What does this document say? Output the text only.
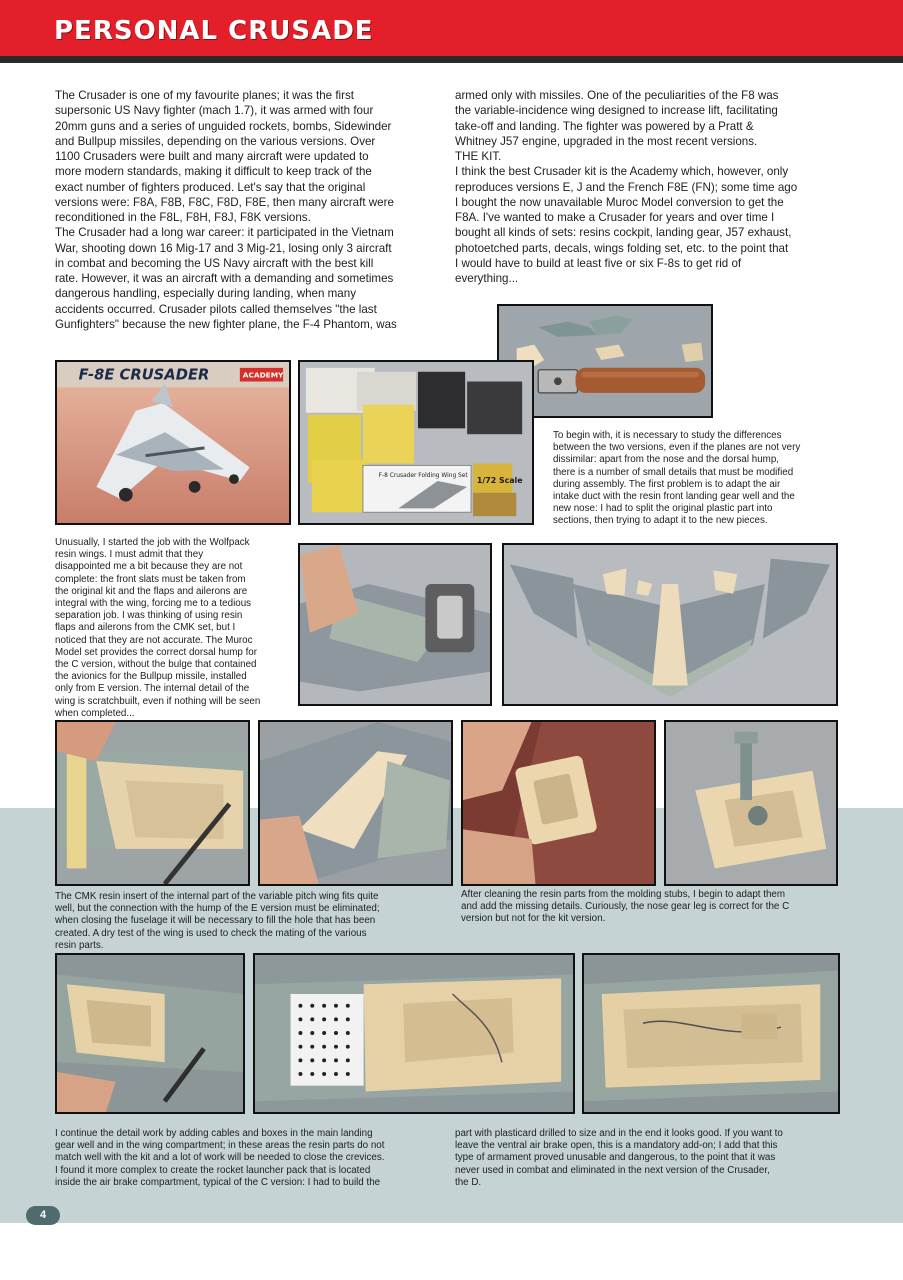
PERSONAL CRUSADE

The Crusader is one of my favourite planes; it was the first
supersonic US Navy fighter (mach 1.7), it was armed with four
20mm guns and a series of unguided rockets, bombs, Sidewinder
and Bullpup missiles, depending on the various versions. Over
1100 Crusaders were built and many aircraft were updated to
more modern standards, making it difficult to keep track of the
exact number of fighters produced. Let's say that the original
versions were: F8A, F8B, F8C, F8D, F8E, then many aircraft were
reconditioned in the F8L, F8H, F8J, F8K versions.
The Crusader had a long war career: it participated in the Vietnam
War, shooting down 16 Mig-17 and 3 Mig-21, losing only 3 aircraft
in combat and becoming the US Navy aircraft with the best kill
rate. However, it was an aircraft with a demanding and sometimes
dangerous handling, especially during landing, when many
accidents occurred. Crusader pilots called themselves "the last
Gunfighters" because the new fighter plane, the F-4 Phantom, was

armed only with missiles. One of the peculiarities of the F8 was
the variable-incidence wing designed to increase lift, facilitating
take-off and landing. The fighter was powered by a Pratt &
Whitney J57 engine, upgraded in the most recent versions.
THE KIT.
I think the best Crusader kit is the Academy which, however, only
reproduces versions E, J and the French F8E (FN); some time ago
I bought the now unavailable Muroc Model conversion to get the
F8A. I've wanted to make a Crusader for years and over time I
bought all kinds of sets: resins cockpit, landing gear, J57 exhaust,
photoetched parts, decals, wings folding set, etc. to the point that
I would have to build at least five or six F-8s to get rid of
everything...

To begin with, it is necessary to study the differences
between the two versions, even if the planes are not very
dissimilar: apart from the nose and the dorsal hump,
there is a number of small details that must be modified
during assembly. The first problem is to adapt the air
intake duct with the resin front landing gear well and the
new nose: I had to split the original plastic part into
sections, then trying to adapt it to the new pieces.

F-8E CRUSADER	ACADEMY
F-8 Crusader Folding Wing Set 1/72 Scale

Unusually, I started the job with the Wolfpack
resin wings. I must admit that they
disappointed me a bit because they are not
complete: the front slats must be taken from
the original kit and the flaps and ailerons are
integral with the wing, forcing me to a tedious
separation job. I was thinking of using resin
flaps and ailerons from the CMK set, but I
noticed that they are not accurate. The Muroc
Model set provides the correct dorsal hump for
the C version, without the bulge that contained
the avionics for the Bullpup missile, installed
only from E version. The internal detail of the
wing is scratchbuilt, even if nothing will be seen
when completed...

The CMK resin insert of the internal part of the variable pitch wing fits quite
well, but the connection with the hump of the E version must be eliminated;
when closing the fuselage it will be necessary to fill the hole that has been
created. A dry test of the wing is used to check the mating of the various
resin parts.

After cleaning the resin parts from the molding stubs, I begin to adapt them
and add the missing details. Curiously, the nose gear leg is correct for the C
version but not for the kit version.

I continue the detail work by adding cables and boxes in the main landing
gear well and in the wing compartment; in these areas the resin parts do not
match well with the kit and a lot of work will be needed to close the crevices.
I found it more complex to create the rocket launcher pack that is located
inside the air brake compartment, typical of the C version: I had to build the

part with plasticard drilled to size and in the end it looks good. If you want to
leave the ventral air brake open, this is a mandatory add-on; I add that this
type of armament proved unusable and dangerous, to the point that it was
never used in combat and eliminated in the next version of the Crusader,
the D.

4
